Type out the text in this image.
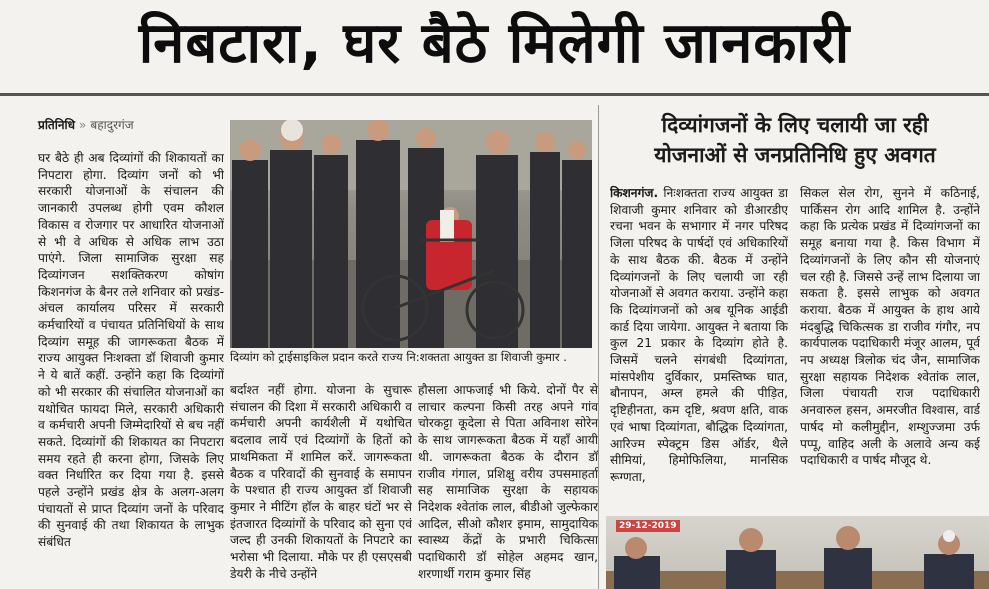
निबटारा, घर बैठे मिलेगी जानकारी
प्रतिनिधि » बहादुरगंज

घर बैठे ही अब दिव्यांगों की शिकायतों का निपटारा होगा. दिव्यांग जनों को भी सरकारी योजनाओं के संचालन की जानकारी उपलब्ध होगी एवम कौशल विकास व रोजगार पर आधारित योजनाओं से भी वे अधिक से अधिक लाभ उठा पाएंगे. जिला सामाजिक सुरक्षा सह दिव्यांगजन सशक्तिकरण कोषांग किशनगंज के बैनर तले शनिवार को प्रखंड-अंचल कार्यालय परिसर में सरकारी कर्मचारियों व पंचायत प्रतिनिधियों के साथ दिव्यांग समूह की जागरूकता बैठक में राज्य आयुक्त निःशक्ता डॉ शिवाजी कुमार ने ये बातें कहीं. उन्होंने कहा कि दिव्यांगों को भी सरकार की संचालित योजनाओं का यथोचित फायदा मिले, सरकारी अधिकारी व कर्मचारी अपनी जिम्मेदारियों से बच नहीं सकते. दिव्यांगों की शिकायत का निपटारा समय रहते ही करना होगा, जिसके लिए वक्त निर्धारित कर दिया गया है. इससे पहले उन्होंने प्रखंड क्षेत्र के अलग-अलग पंचायतों से प्राप्त दिव्यांग जनों के परिवाद की सुनवाई की तथा शिकायत के लाभुक संबंधित

दिव्यांग को ट्राईसाइकिल प्रदान करते राज्य नि:शक्तता आयुक्त डा शिवाजी कुमार .

बर्दाश्त नहीं होगा. योजना के सुचारू संचालन की दिशा में सरकारी अधिकारी व कर्मचारी अपनी कार्यशैली में यथोचित बदलाव लायें एवं दिव्यांगों के हितों को प्राथमिकता में शामिल करें. जागरूकता बैठक व परिवादों की सुनवाई के समापन के पश्चात ही राज्य आयुक्त डॉ शिवाजी कुमार ने मीटिंग हॉल के बाहर घंटों भर से इंतजारत दिव्यांगों के परिवाद को सुना एवं जल्द ही उनकी शिकायतों के निपटारे का भरोसा भी दिलाया. मौके पर ही एसएसबी डेयरी के नीचे उन्होंने

हौसला आफजाई भी किये. दोनों पैर से लाचार कल्पना किसी तरह अपने गांव चोरकट्टा कूदेला से पिता अविनाश सोरेन के साथ जागरूकता बैठक में यहाँ आयी थी. जागरूकता बैठक के दौरान डॉ राजीव गंगाल, प्रशिक्षु वरीय उपसमाहर्ता सह सामाजिक सुरक्षा के सहायक निदेशक श्वेतांक लाल, बीडीओ जुल्फेकार आदिल, सीओ कौशर इमाम, सामुदायिक स्वास्थ्य केंद्रों के प्रभारी चिकित्सा पदाधिकारी डॉ सोहेल अहमद खान, शरणार्थी गराम कुमार सिंह

दिव्यांगजनों के लिए चलायी जा रही
योजनाओं से जनप्रतिनिधि हुए अवगत

किशनगंज. निःशक्तता राज्य आयुक्त डा शिवाजी कुमार शनिवार को डीआरडीए रचना भवन के सभागार में नगर परिषद जिला परिषद के पार्षदों एवं अधिकारियों के साथ बैठक की. बैठक में उन्होंने दिव्यांगजनों के लिए चलायी जा रही योजनाओं से अवगत कराया. उन्होंने कहा कि दिव्यांगजनों को अब यूनिक आईडी कार्ड दिया जायेगा. आयुक्त ने बताया कि कुल 21 प्रकार के दिव्यांग होते है. जिसमें चलने संगबंधी दिव्यांगता, मांसपेशीय दुर्विकार, प्रमस्तिष्क घात, बौनापन, अम्ल हमले की पीड़ित, दृष्टिहीनता, कम दृष्टि, श्रवण क्षति, वाक एवं भाषा दिव्यांगता, बौद्धिक दिव्यांगता, आरिज्म स्पेक्ट्रम डिस ऑर्डर, थैले सीमियां, हिमोफिलिया, मानसिक रूग्णता,

सिकल सेल रोग, सुनने में कठिनाई, पार्किंसन रोग आदि शामिल है. उन्होंने कहा कि प्रत्येक प्रखंड में दिव्यांगजनों का समूह बनाया गया है. किस विभाग में दिव्यांगजनों के लिए कौन सी योजनाएं चल रही है. जिससे उन्हें लाभ दिलाया जा सकता है. इससे लाभुक को अवगत कराया. बैठक में आयुक्त के हाथ आये मंदबुद्धि चिकित्सक डा राजीव गंगौर, नप कार्यपालक पदाधिकारी मंजूर आलम, पूर्व नप अध्यक्ष त्रिलोक चंद जैन, सामाजिक सुरक्षा सहायक निदेशक श्वेतांक लाल, जिला पंचायती राज पदाधिकारी अनवारुल हसन, अमरजीत विश्वास, वार्ड पार्षद मो कलीमुद्दीन, शम्शुज्जमा उर्फ पप्पू, वाहिद अली के अलावे अन्य कई पदाधिकारी व पार्षद मौजूद थे.

29-12-2019
